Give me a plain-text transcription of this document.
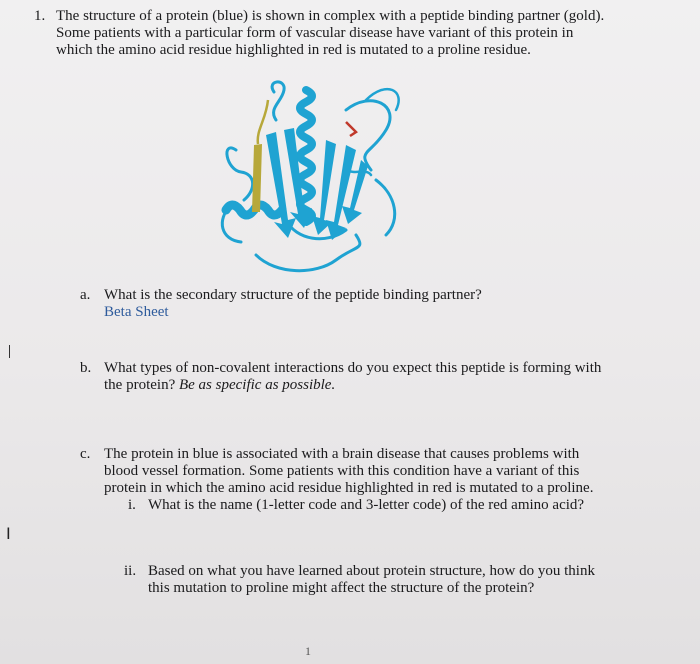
1. The structure of a protein (blue) is shown in complex with a peptide binding partner (gold).
Some patients with a particular form of vascular disease have variant of this protein in
which the amino acid residue highlighted in red is mutated to a proline residue.
a. What is the secondary structure of the peptide binding partner?
Beta Sheet
b. What types of non-covalent interactions do you expect this peptide is forming with
the protein? Be as specific as possible.
c. The protein in blue is associated with a brain disease that causes problems with
blood vessel formation. Some patients with this condition have a variant of this
protein in which the amino acid residue highlighted in red is mutated to a proline.
i. What is the name (1-letter code and 3-letter code) of the red amino acid?
I
ii. Based on what you have learned about protein structure, how do you think
this mutation to proline might affect the structure of the protein?
1
